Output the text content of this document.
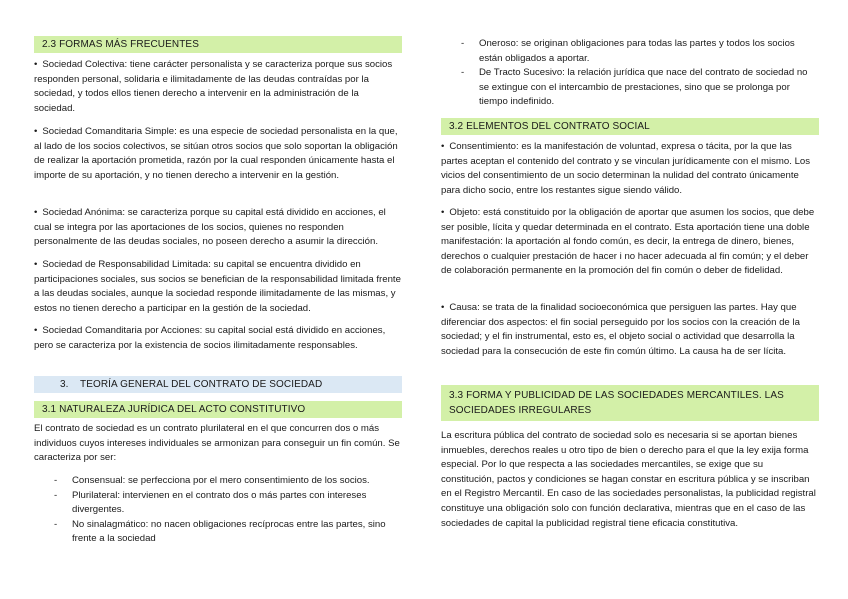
2.3 FORMAS MÁS FRECUENTES

• Sociedad Colectiva: tiene carácter personalista y se caracteriza porque sus socios responden personal, solidaria e ilimitadamente de las deudas contraídas por la sociedad, y todos ellos tienen derecho a intervenir en la administración de la sociedad.

• Sociedad Comanditaria Simple: es una especie de sociedad personalista en la que, al lado de los socios colectivos, se sitúan otros socios que solo soportan la obligación de realizar la aportación prometida, razón por la cual responden únicamente hasta el importe de su aportación, y no tienen derecho a intervenir en la gestión.

• Sociedad Anónima: se caracteriza porque su capital está dividido en acciones, el cual se integra por las aportaciones de los socios, quienes no responden personalmente de las deudas sociales, no poseen derecho a asumir la dirección.

• Sociedad de Responsabilidad Limitada: su capital se encuentra dividido en participaciones sociales, sus socios se benefician de la responsabilidad limitada frente a las deudas sociales, aunque la sociedad responde ilimitadamente de las mismas, y estos no tienen derecho a participar en la gestión de la sociedad.

• Sociedad Comanditaria por Acciones: su capital social está dividido en acciones, pero se caracteriza por la existencia de socios ilimitadamente responsables.

3. TEORÍA GENERAL DEL CONTRATO DE SOCIEDAD
3.1 NATURALEZA JURÍDICA DEL ACTO CONSTITUTIVO

El contrato de sociedad es un contrato plurilateral en el que concurren dos o más individuos cuyos intereses individuales se armonizan para conseguir un fin común. Se caracteriza por ser:

- Consensual: se perfecciona por el mero consentimiento de los socios.
- Plurilateral: intervienen en el contrato dos o más partes con intereses divergentes.
- No sinalagmático: no nacen obligaciones recíprocas entre las partes, sino frente a la sociedad
- Oneroso: se originan obligaciones para todas las partes y todos los socios están obligados a aportar.
- De Tracto Sucesivo: la relación jurídica que nace del contrato de sociedad no se extingue con el intercambio de prestaciones, sino que se prolonga por tiempo indefinido.
3.2 ELEMENTOS DEL CONTRATO SOCIAL

• Consentimiento: es la manifestación de voluntad, expresa o tácita, por la que las partes aceptan el contenido del contrato y se vinculan jurídicamente con el mismo. Los vicios del consentimiento de un socio determinan la nulidad del contrato únicamente para dicho socio, entre los restantes sigue siendo válido.

• Objeto: está constituido por la obligación de aportar que asumen los socios, que debe ser posible, lícita y quedar determinada en el contrato. Esta aportación tiene una doble manifestación: la aportación al fondo común, es decir, la entrega de dinero, bienes, derechos o cualquier prestación de hacer i no hacer adecuada al fin común; y el deber de colaboración permanente en la promoción del fin común o deber de fidelidad.

• Causa: se trata de la finalidad socioeconómica que persiguen las partes. Hay que diferenciar dos aspectos: el fin social perseguido por los socios con la creación de la sociedad; y el fin instrumental, esto es, el objeto social o actividad que desarrolla la sociedad para la consecución de este fin común último. La causa ha de ser lícita.

3.3 FORMA Y PUBLICIDAD DE LAS SOCIEDADES MERCANTILES. LAS SOCIEDADES IRREGULARES

La escritura pública del contrato de sociedad solo es necesaria si se aportan bienes inmuebles, derechos reales u otro tipo de bien o derecho para el que la ley exija forma especial. Por lo que respecta a las sociedades mercantiles, se exige que su constitución, pactos y condiciones se hagan constar en escritura pública y se inscriban en el Registro Mercantil. En caso de las sociedades personalistas, la publicidad registral constituye una obligación solo con función declarativa, mientras que en el caso de las sociedades de capital la publicidad registral tiene eficacia constitutiva.
